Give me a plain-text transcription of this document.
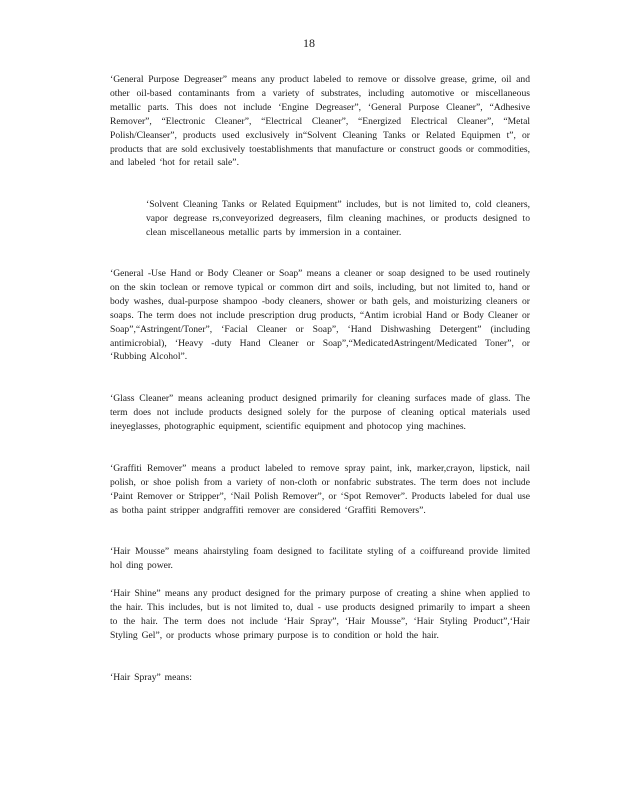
18

‘General Purpose Degreaser” means any product labeled to remove or dissolve grease, grime, oil and other oil-based contaminants from a variety of substrates, including automotive or miscellaneous metallic parts. This does not include ‘Engine Degreaser”, ‘General Purpose Cleaner”, “Adhesive Remover”, “Electronic Cleaner”, “Electrical Cleaner”, “Energized Electrical Cleaner”, “Metal Polish/Cleanser”, products used exclusively in“Solvent Cleaning Tanks or Related Equipmen t”, or products that are sold exclusively toestablishments that manufacture or construct goods or commodities, and labeled ‘hot for retail sale”.

‘Solvent Cleaning Tanks or Related Equipment” includes, but is not limited to, cold cleaners, vapor degrease rs,conveyorized degreasers, film cleaning machines, or products designed to clean miscellaneous metallic parts by immersion in a container.

‘General -Use Hand or Body Cleaner or Soap” means a cleaner or soap designed to be used routinely on the skin toclean or remove typical or common dirt and soils, including, but not limited to, hand or body washes, dual-purpose shampoo -body cleaners, shower or bath gels, and moisturizing cleaners or soaps. The term does not include prescription drug products, “Antim icrobial Hand or Body Cleaner or Soap”,“Astringent/Toner”, ‘Facial Cleaner or Soap”, ‘Hand Dishwashing Detergent” (including antimicrobial), ‘Heavy -duty Hand Cleaner or Soap”,“MedicatedAstringent/Medicated Toner”, or ‘Rubbing Alcohol”.

‘Glass Cleaner” means acleaning product designed primarily for cleaning surfaces made of glass. The term does not include products designed solely for the purpose of cleaning optical materials used ineyeglasses, photographic equipment, scientific equipment and photocop ying machines.

‘Graffiti Remover” means a product labeled to remove spray paint, ink, marker,crayon, lipstick, nail polish, or shoe polish from a variety of non-cloth or nonfabric substrates. The term does not include ‘Paint Remover or Stripper”, ‘Nail Polish Remover”, or ‘Spot Remover”. Products labeled for dual use as botha paint stripper andgraffiti remover are considered ‘Graffiti Removers”.

‘Hair Mousse” means ahairstyling foam designed to facilitate styling of a coiffureand provide limited hol ding power.

‘Hair Shine” means any product designed for the primary purpose of creating a shine when applied to the hair. This includes, but is not limited to, dual - use products designed primarily to impart a sheen to the hair. The term does not include ‘Hair Spray”, ‘Hair Mousse”, ‘Hair Styling Product”,‘Hair Styling Gel”, or products whose primary purpose is to condition or hold the hair.

‘Hair Spray” means:
